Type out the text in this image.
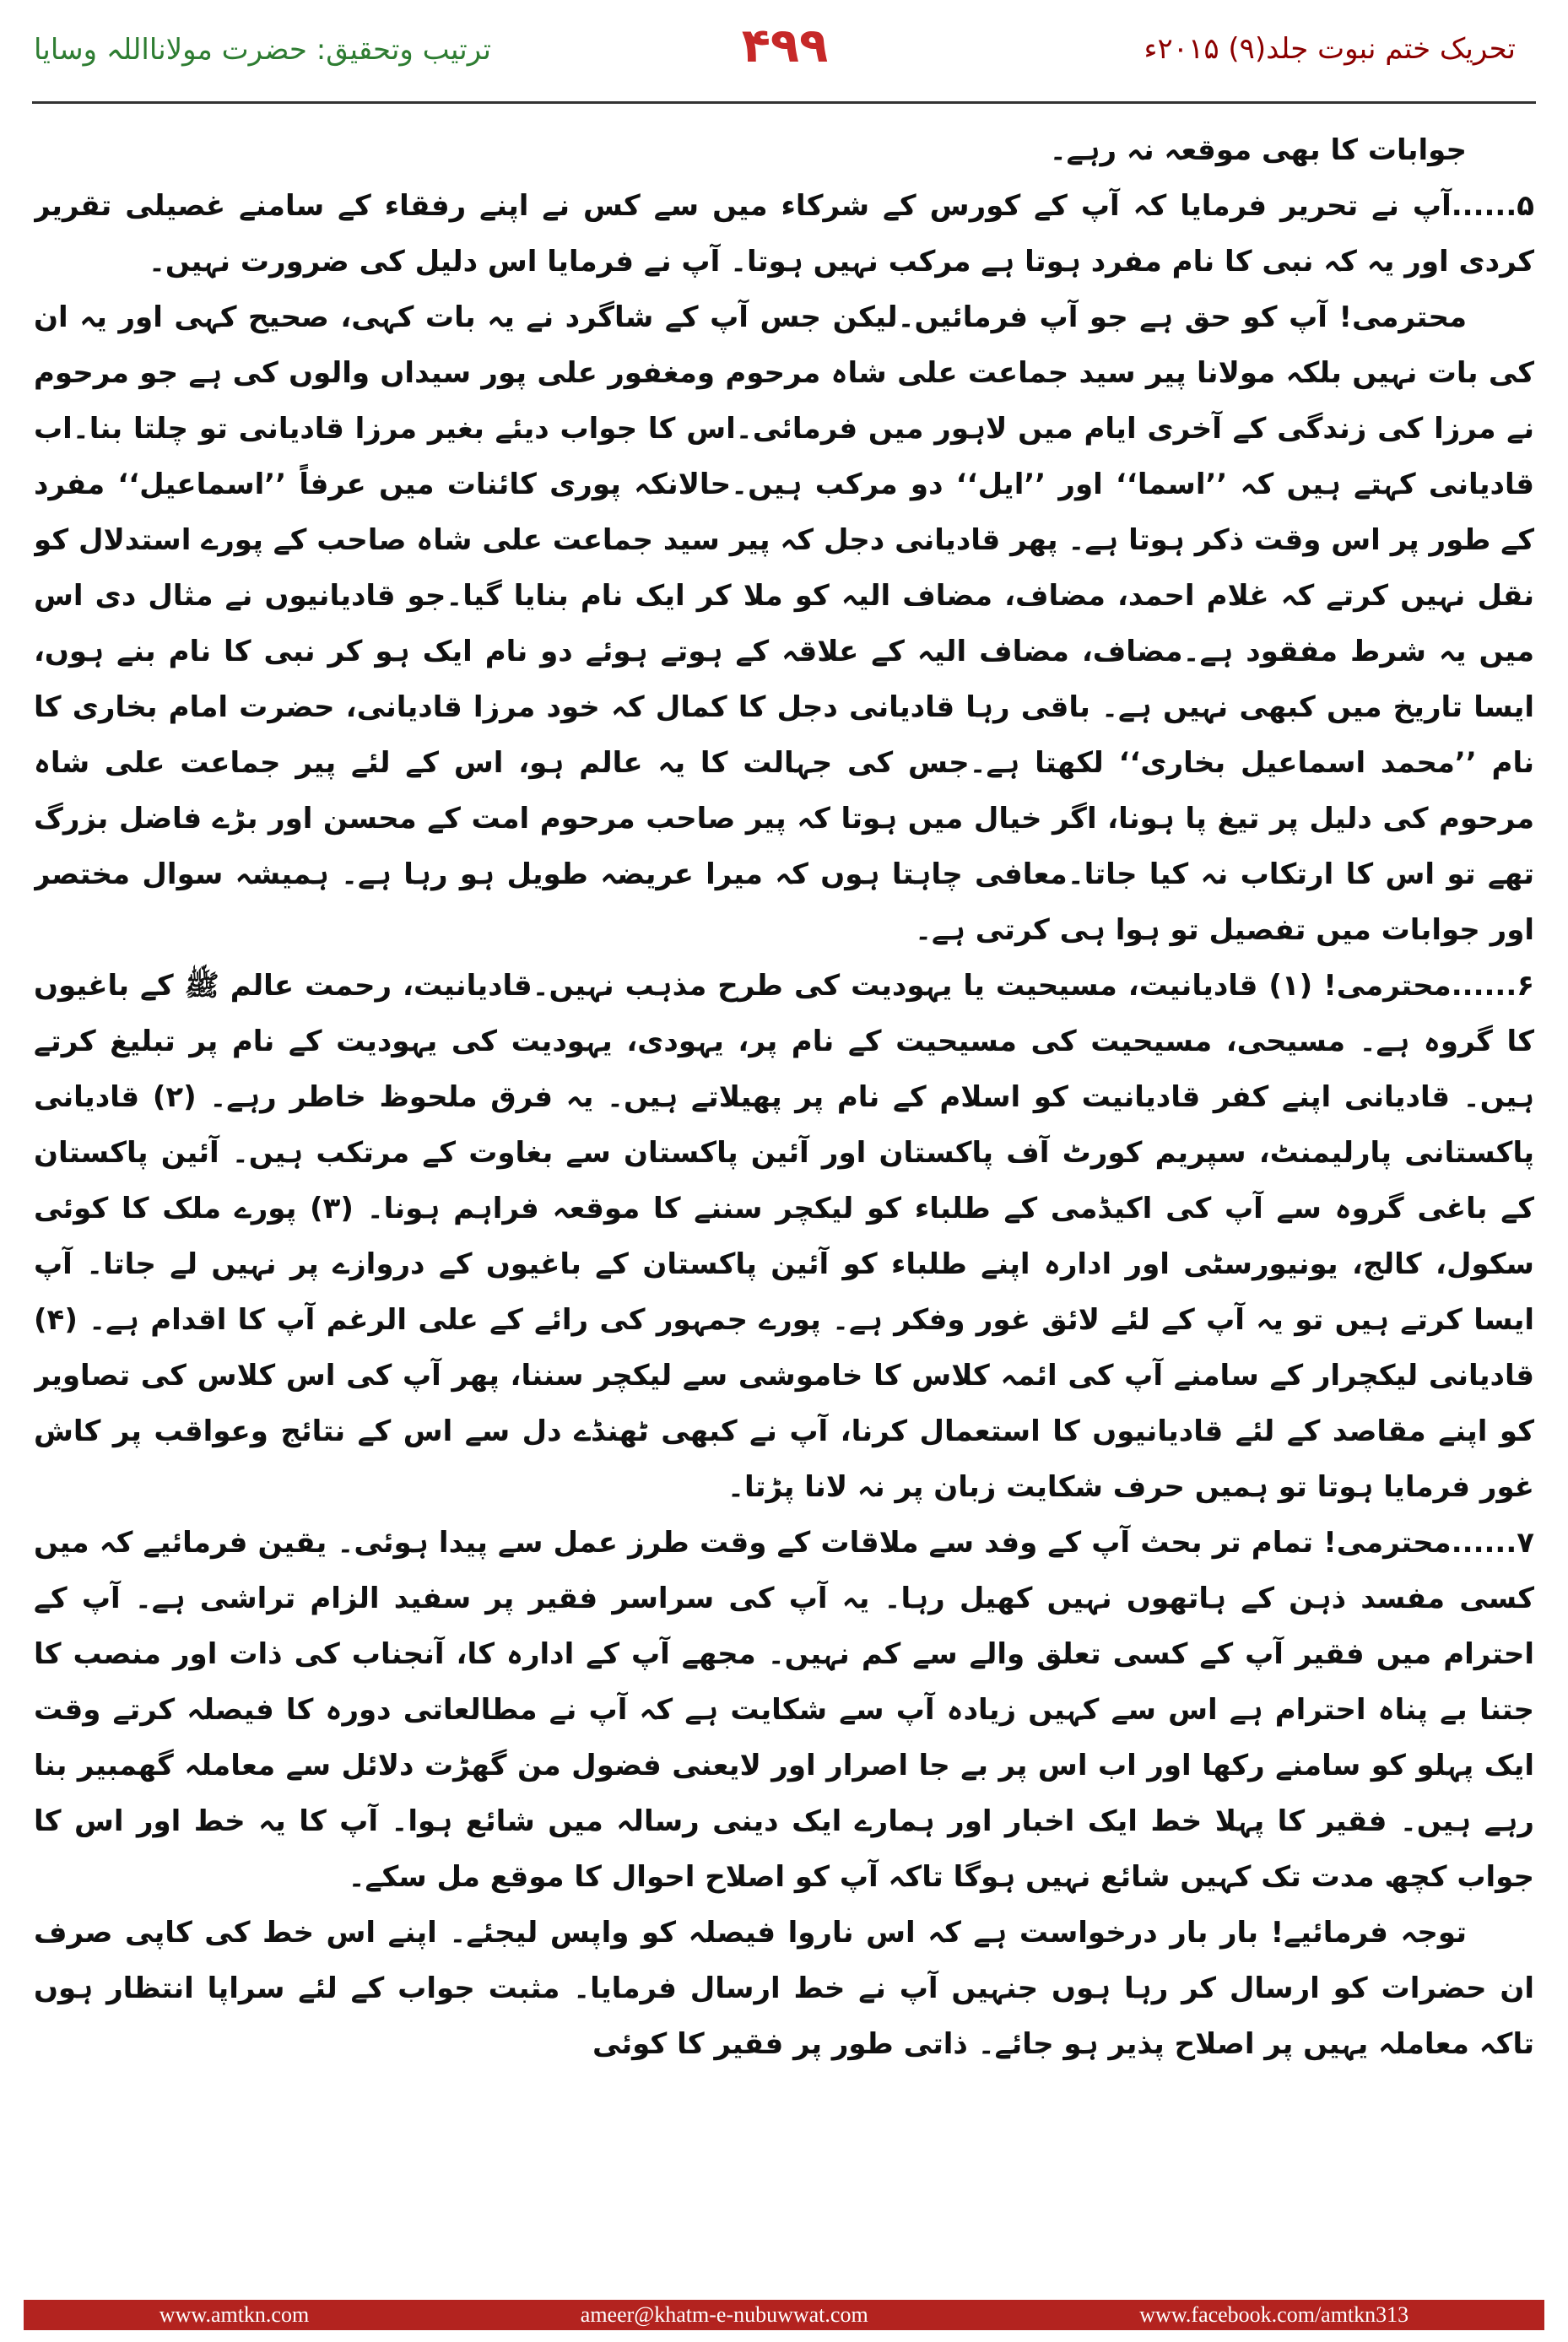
تحریک ختم نبوت جلد(۹) ۲۰۱۵ء
۴۹۹
ترتیب وتحقیق: حضرت مولانااللہ وسایا

جوابات کا بھی موقعہ نہ رہے۔

۵......آپ نے تحریر فرمایا کہ آپ کے کورس کے شرکاء میں سے کس نے اپنے رفقاء کے سامنے غصیلی تقریر کردی اور یہ کہ نبی کا نام مفرد ہوتا ہے مرکب نہیں ہوتا۔ آپ نے فرمایا اس دلیل کی ضرورت نہیں۔

محترمی! آپ کو حق ہے جو آپ فرمائیں۔لیکن جس آپ کے شاگرد نے یہ بات کہی، صحیح کہی اور یہ ان کی بات نہیں بلکہ مولانا پیر سید جماعت علی شاہ مرحوم ومغفور علی پور سیداں والوں کی ہے جو مرحوم نے مرزا کی زندگی کے آخری ایام میں لاہور میں فرمائی۔اس کا جواب دیئے بغیر مرزا قادیانی تو چلتا بنا۔اب قادیانی کہتے ہیں کہ ’’اسما‘‘ اور ’’ایل‘‘ دو مرکب ہیں۔حالانکہ پوری کائنات میں عرفاً ’’اسماعیل‘‘ مفرد کے طور پر اس وقت ذکر ہوتا ہے۔ پھر قادیانی دجل کہ پیر سید جماعت علی شاہ صاحب کے پورے استدلال کو نقل نہیں کرتے کہ غلام احمد، مضاف، مضاف الیہ کو ملا کر ایک نام بنایا گیا۔جو قادیانیوں نے مثال دی اس میں یہ شرط مفقود ہے۔مضاف، مضاف الیہ کے علاقہ کے ہوتے ہوئے دو نام ایک ہو کر نبی کا نام بنے ہوں، ایسا تاریخ میں کبھی نہیں ہے۔ باقی رہا قادیانی دجل کا کمال کہ خود مرزا قادیانی، حضرت امام بخاری کا نام ’’محمد اسماعیل بخاری‘‘ لکھتا ہے۔جس کی جہالت کا یہ عالم ہو، اس کے لئے پیر جماعت علی شاہ مرحوم کی دلیل پر تیغ پا ہونا، اگر خیال میں ہوتا کہ پیر صاحب مرحوم امت کے محسن اور بڑے فاضل بزرگ تھے تو اس کا ارتکاب نہ کیا جاتا۔معافی چاہتا ہوں کہ میرا عریضہ طویل ہو رہا ہے۔ ہمیشہ سوال مختصر اور جوابات میں تفصیل تو ہوا ہی کرتی ہے۔

۶......محترمی! (۱) قادیانیت، مسیحیت یا یہودیت کی طرح مذہب نہیں۔قادیانیت، رحمت عالم ﷺ کے باغیوں کا گروہ ہے۔ مسیحی، مسیحیت کی مسیحیت کے نام پر، یہودی، یہودیت کی یہودیت کے نام پر تبلیغ کرتے ہیں۔ قادیانی اپنے کفر قادیانیت کو اسلام کے نام پر پھیلاتے ہیں۔ یہ فرق ملحوظ خاطر رہے۔ (۲) قادیانی پاکستانی پارلیمنٹ، سپریم کورٹ آف پاکستان اور آئین پاکستان سے بغاوت کے مرتکب ہیں۔ آئین پاکستان کے باغی گروہ سے آپ کی اکیڈمی کے طلباء کو لیکچر سننے کا موقعہ فراہم ہونا۔ (۳) پورے ملک کا کوئی سکول، کالج، یونیورسٹی اور ادارہ اپنے طلباء کو آئین پاکستان کے باغیوں کے دروازے پر نہیں لے جاتا۔ آپ ایسا کرتے ہیں تو یہ آپ کے لئے لائق غور وفکر ہے۔ پورے جمہور کی رائے کے علی الرغم آپ کا اقدام ہے۔ (۴) قادیانی لیکچرار کے سامنے آپ کی ائمہ کلاس کا خاموشی سے لیکچر سننا، پھر آپ کی اس کلاس کی تصاویر کو اپنے مقاصد کے لئے قادیانیوں کا استعمال کرنا، آپ نے کبھی ٹھنڈے دل سے اس کے نتائج وعواقب پر کاش غور فرمایا ہوتا تو ہمیں حرف شکایت زبان پر نہ لانا پڑتا۔

۷......محترمی! تمام تر بحث آپ کے وفد سے ملاقات کے وقت طرز عمل سے پیدا ہوئی۔ یقین فرمائیے کہ میں کسی مفسد ذہن کے ہاتھوں نہیں کھیل رہا۔ یہ آپ کی سراسر فقیر پر سفید الزام تراشی ہے۔ آپ کے احترام میں فقیر آپ کے کسی تعلق والے سے کم نہیں۔ مجھے آپ کے ادارہ کا، آنجناب کی ذات اور منصب کا جتنا بے پناہ احترام ہے اس سے کہیں زیادہ آپ سے شکایت ہے کہ آپ نے مطالعاتی دورہ کا فیصلہ کرتے وقت ایک پہلو کو سامنے رکھا اور اب اس پر بے جا اصرار اور لایعنی فضول من گھڑت دلائل سے معاملہ گھمبیر بنا رہے ہیں۔ فقیر کا پہلا خط ایک اخبار اور ہمارے ایک دینی رسالہ میں شائع ہوا۔ آپ کا یہ خط اور اس کا جواب کچھ مدت تک کہیں شائع نہیں ہوگا تاکہ آپ کو اصلاح احوال کا موقع مل سکے۔

توجہ فرمائیے! بار بار درخواست ہے کہ اس ناروا فیصلہ کو واپس لیجئے۔ اپنے اس خط کی کاپی صرف ان حضرات کو ارسال کر رہا ہوں جنہیں آپ نے خط ارسال فرمایا۔ مثبت جواب کے لئے سراپا انتظار ہوں تاکہ معاملہ یہیں پر اصلاح پذیر ہو جائے۔ ذاتی طور پر فقیر کا کوئی

www.amtkn.com	ameer@khatm-e-nubuwwat.com	www.facebook.com/amtkn313
